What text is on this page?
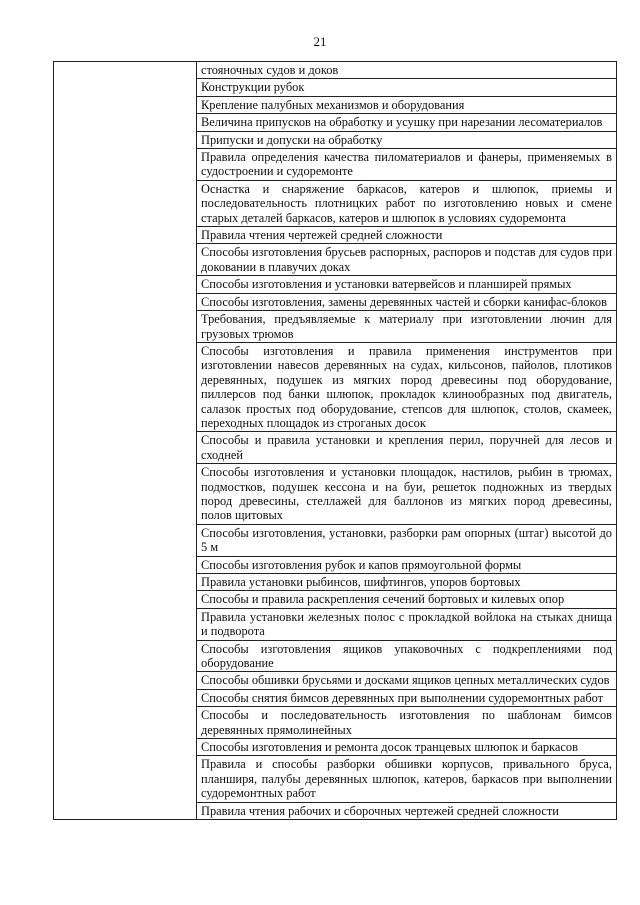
21

стояночных судов и доков

Конструкции рубок

Крепление палубных механизмов и оборудования

Величина припусков на обработку и усушку при нарезании лесоматериалов

Припуски и допуски на обработку

Правила определения качества пиломатериалов и фанеры, применяемых в судостроении и судоремонте

Оснастка и снаряжение баркасов, катеров и шлюпок, приемы и последовательность плотницких работ по изготовлению новых и смене старых деталей баркасов, катеров и шлюпок в условиях судоремонта

Правила чтения чертежей средней сложности

Способы изготовления брусьев распорных, распоров и подстав для судов при доковании в плавучих доках

Способы изготовления и установки ватервейсов и планширей прямых

Способы изготовления, замены деревянных частей и сборки канифас-блоков

Требования, предъявляемые к материалу при изготовлении лючин для грузовых трюмов

Способы изготовления и правила применения инструментов при изготовлении навесов деревянных на судах, кильсонов, пайолов, плотиков деревянных, подушек из мягких пород древесины под оборудование, пиллерсов под банки шлюпок, прокладок клинообразных под двигатель, салазок простых под оборудование, степсов для шлюпок, столов, скамеек, переходных площадок из строганых досок

Способы и правила установки и крепления перил, поручней для лесов и сходней

Способы изготовления и установки площадок, настилов, рыбин в трюмах, подмостков, подушек кессона и на буи, решеток подножных из твердых пород древесины, стеллажей для баллонов из мягких пород древесины, полов щитовых

Способы изготовления, установки, разборки рам опорных (штаг) высотой до 5 м

Способы изготовления рубок и капов прямоугольной формы

Правила установки рыбинсов, шифтингов, упоров бортовых

Способы и правила раскрепления сечений бортовых и килевых опор

Правила установки железных полос с прокладкой войлока на стыках днища и подворота

Способы изготовления ящиков упаковочных с подкреплениями под оборудование

Способы обшивки брусьями и досками ящиков цепных металлических судов

Способы снятия бимсов деревянных при выполнении судоремонтных работ

Способы и последовательность изготовления по шаблонам бимсов деревянных прямолинейных

Способы изготовления и ремонта досок транцевых шлюпок и баркасов

Правила и способы разборки обшивки корпусов, привального бруса, планширя, палубы деревянных шлюпок, катеров, баркасов при выполнении судоремонтных работ

Правила чтения рабочих и сборочных чертежей средней сложности
